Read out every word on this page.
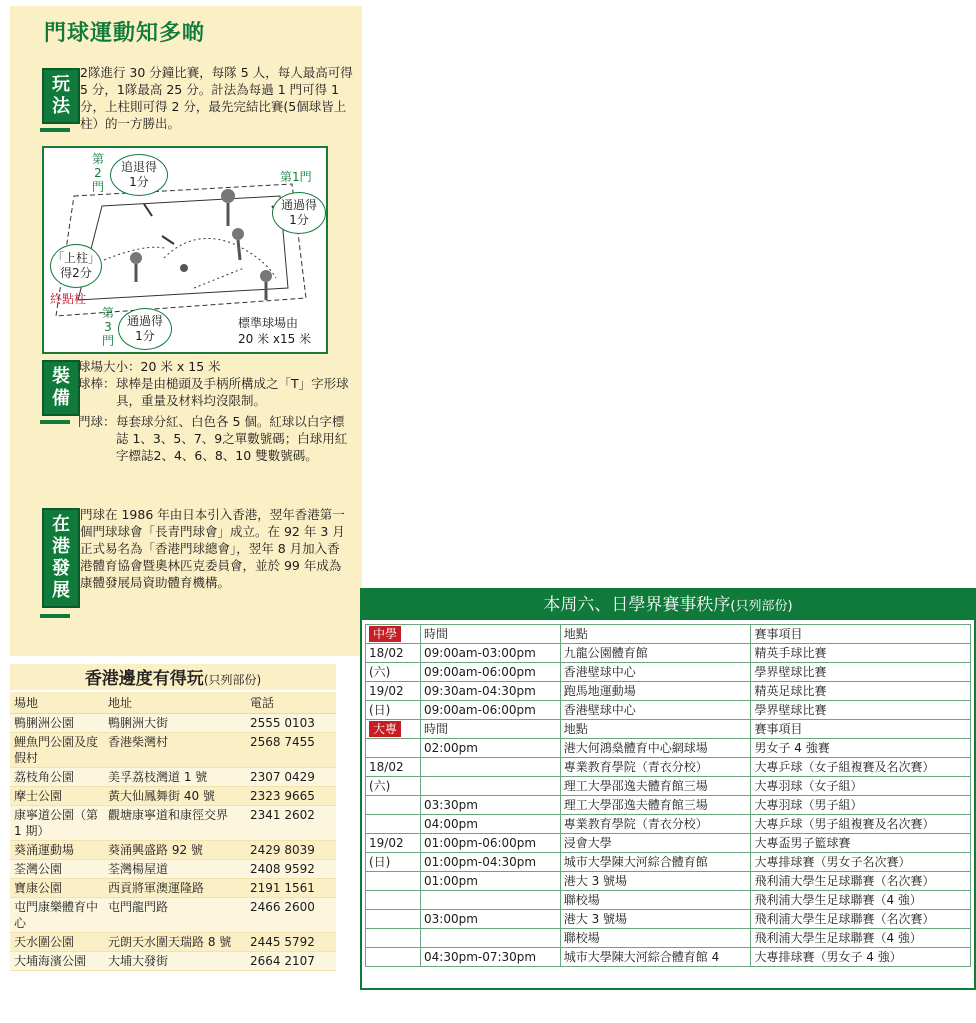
門球運動知多啲
玩
法
2隊進行 30 分鐘比賽，每隊 5 人，每人最高可得 5 分，1隊最高 25 分。計法為每過 1 門可得 1 分，上柱則可得 2 分，最先完結比賽(5個球皆上柱）的一方勝出。
第
2
門
追退得
1分	第1門
通過得
1分
「上柱」
得2分
終點柱
第
3
門
通過得
1分
標準球場由
20 米 x15 米
裝
備
球場大小： 20 米 x 15 米
球棒： 球棒是由槌頭及手柄所構成之「T」字形球具，重量及材料均沒限制。
門球： 每套球分紅、白色各 5 個。紅球以白字標誌 1、3、5、7、9之單數號碼；白球用紅字標誌2、4、6、8、10 雙數號碼。
在
港
發
展
門球在 1986 年由日本引入香港，翌年香港第一個門球球會「長青門球會」成立。在 92 年 3 月正式易名為「香港門球總會」，翌年 8 月加入香港體育協會暨奧林匹克委員會，並於 99 年成為康體發展局資助體育機構。
香港邊度有得玩(只列部份)
場地	地址	電話
鴨脷洲公園	鴨脷洲大街	2555 0103
鯉魚門公園及度假村	香港柴灣村	2568 7455
荔枝角公園	美孚荔枝灣道 1 號	2307 0429
摩士公園	黃大仙鳳舞街 40 號	2323 9665
康寧道公園（第 1 期）	觀塘康寧道和康徑交界	2341 2602
葵涌運動場	葵涌興盛路 92 號	2429 8039
荃灣公園	荃灣楊屋道	2408 9592
寶康公園	西貢將軍澳運隆路	2191 1561
屯門康樂體育中心	屯門龍門路	2466 2600
天水圍公園	元朗天水圍天瑞路 8 號	2445 5792
大埔海濱公園	大埔大發街	2664 2107
本周六、日學界賽事秩序(只列部份)
中學	時間	地點	賽事項目
18/02	09:00am-03:00pm	九龍公園體育館	精英手球比賽
(六)	09:00am-06:00pm	香港壁球中心	學界壁球比賽
19/02	09:30am-04:30pm	跑馬地運動場	精英足球比賽
(日)	09:00am-06:00pm	香港壁球中心	學界壁球比賽
大專	時間	地點	賽事項目
	02:00pm	港大何鴻燊體育中心網球場	男女子 4 強賽
18/02		專業教育學院（青衣分校）	大專乒球（女子組複賽及名次賽）
(六)		理工大學邵逸夫體育館三場	大專羽球（女子組）
	03:30pm	理工大學邵逸夫體育館三場	大專羽球（男子組）
	04:00pm	專業教育學院（青衣分校）	大專乒球（男子組複賽及名次賽）
19/02	01:00pm-06:00pm	浸會大學	大專盃男子籃球賽
(日)	01:00pm-04:30pm	城市大學陳大河綜合體育館	大專排球賽（男女子名次賽）
	01:00pm	港大 3 號場	飛利浦大學生足球聯賽（名次賽）
		聯校場	飛利浦大學生足球聯賽（4 強）
	03:00pm	港大 3 號場	飛利浦大學生足球聯賽（名次賽）
		聯校場	飛利浦大學生足球聯賽（4 強）
	04:30pm-07:30pm	城市大學陳大河綜合體育館 4	大專排球賽（男女子 4 強）
